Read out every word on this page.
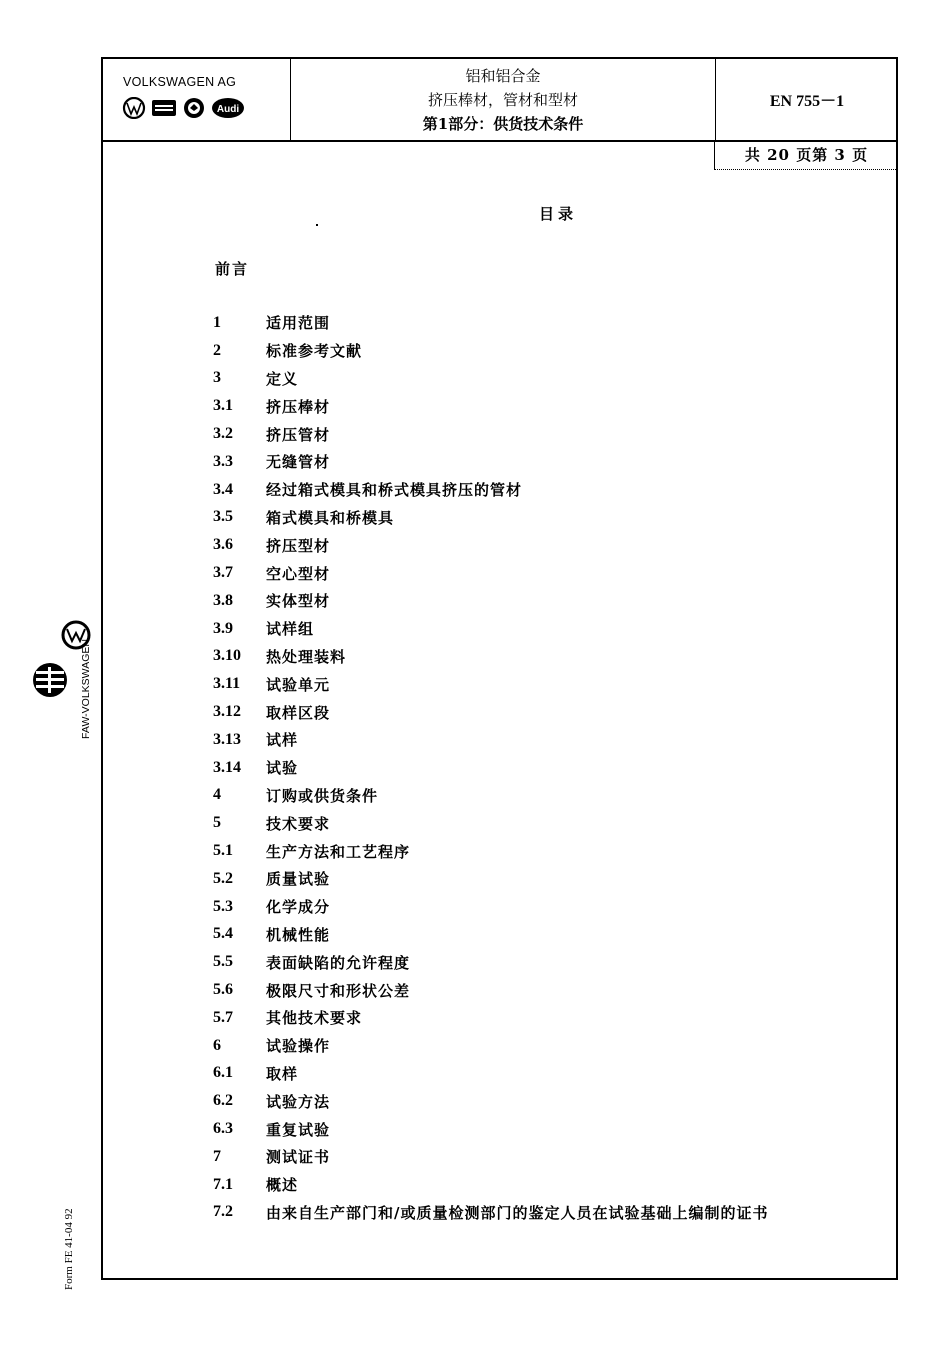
FAW-VOLKSWAGEN
Form FE 41-04 92
VOLKSWAGEN AG
Audi
铝和铝合金
挤压棒材，管材和型材
第1部分：供货技术条件
EN 755－1
共 20 页第 3 页
目录
前言
1	适用范围
2	标准参考文献
3	定义
3.1	挤压棒材
3.2	挤压管材
3.3	无缝管材
3.4	经过箱式模具和桥式模具挤压的管材
3.5	箱式模具和桥模具
3.6	挤压型材
3.7	空心型材
3.8	实体型材
3.9	试样组
3.10	热处理装料
3.11	试验单元
3.12	取样区段
3.13	试样
3.14	试验
4	订购或供货条件
5	技术要求
5.1	生产方法和工艺程序
5.2	质量试验
5.3	化学成分
5.4	机械性能
5.5	表面缺陷的允许程度
5.6	极限尺寸和形状公差
5.7	其他技术要求
6	试验操作
6.1	取样
6.2	试验方法
6.3	重复试验
7	测试证书
7.1	概述
7.2	由来自生产部门和/或质量检测部门的鉴定人员在试验基础上编制的证书
